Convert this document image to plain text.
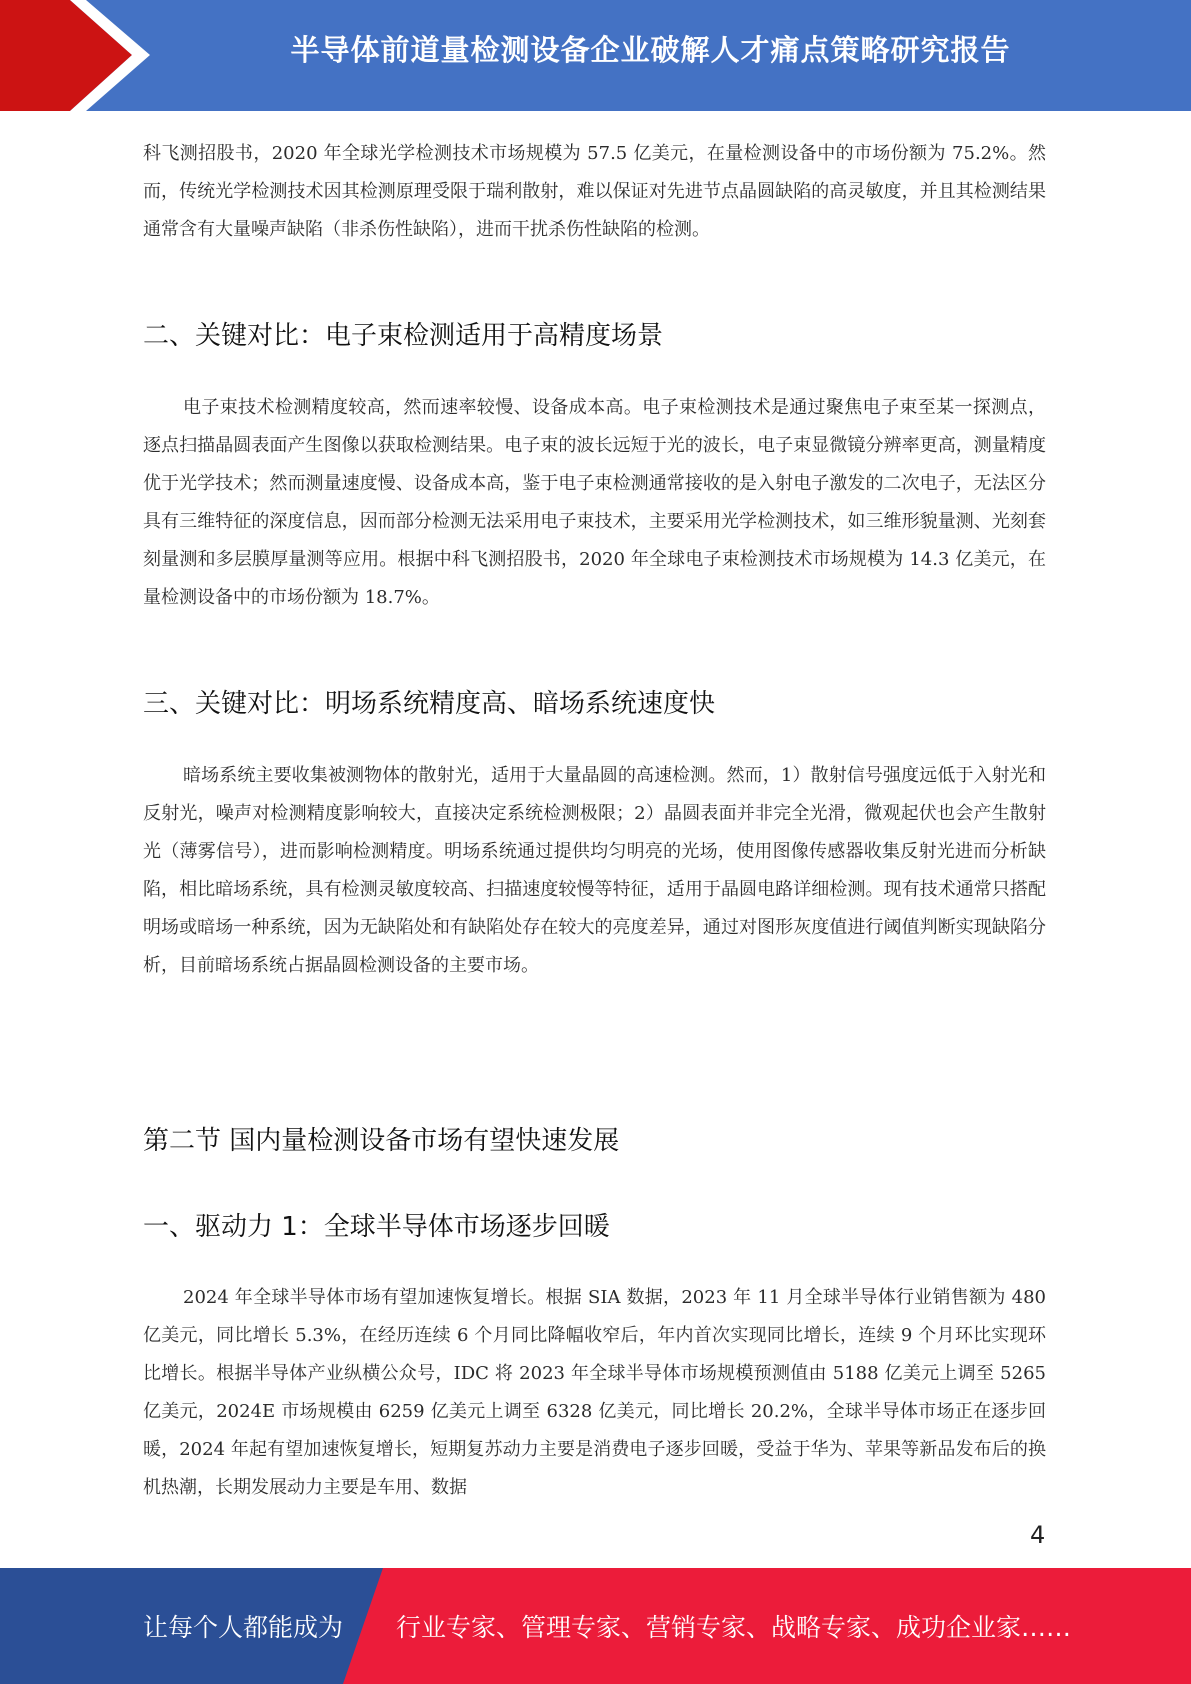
半导体前道量检测设备企业破解人才痛点策略研究报告

科飞测招股书，2020 年全球光学检测技术市场规模为 57.5 亿美元，在量检测设备中的市场份额为 75.2%。然而，传统光学检测技术因其检测原理受限于瑞利散射，难以保证对先进节点晶圆缺陷的高灵敏度，并且其检测结果通常含有大量噪声缺陷（非杀伤性缺陷），进而干扰杀伤性缺陷的检测。

二、关键对比：电子束检测适用于高精度场景

电子束技术检测精度较高，然而速率较慢、设备成本高。电子束检测技术是通过聚焦电子束至某一探测点，逐点扫描晶圆表面产生图像以获取检测结果。电子束的波长远短于光的波长，电子束显微镜分辨率更高，测量精度优于光学技术；然而测量速度慢、设备成本高，鉴于电子束检测通常接收的是入射电子激发的二次电子，无法区分具有三维特征的深度信息，因而部分检测无法采用电子束技术，主要采用光学检测技术，如三维形貌量测、光刻套刻量测和多层膜厚量测等应用。根据中科飞测招股书，2020 年全球电子束检测技术市场规模为 14.3 亿美元，在量检测设备中的市场份额为 18.7%。

三、关键对比：明场系统精度高、暗场系统速度快

暗场系统主要收集被测物体的散射光，适用于大量晶圆的高速检测。然而，1）散射信号强度远低于入射光和反射光，噪声对检测精度影响较大，直接决定系统检测极限；2）晶圆表面并非完全光滑，微观起伏也会产生散射光（薄雾信号），进而影响检测精度。明场系统通过提供均匀明亮的光场，使用图像传感器收集反射光进而分析缺陷，相比暗场系统，具有检测灵敏度较高、扫描速度较慢等特征，适用于晶圆电路详细检测。现有技术通常只搭配明场或暗场一种系统，因为无缺陷处和有缺陷处存在较大的亮度差异，通过对图形灰度值进行阈值判断实现缺陷分析，目前暗场系统占据晶圆检测设备的主要市场。

第二节 国内量检测设备市场有望快速发展
一、驱动力 1：全球半导体市场逐步回暖

2024 年全球半导体市场有望加速恢复增长。根据 SIA 数据，2023 年 11 月全球半导体行业销售额为 480 亿美元，同比增长 5.3%，在经历连续 6 个月同比降幅收窄后，年内首次实现同比增长，连续 9 个月环比实现环比增长。根据半导体产业纵横公众号，IDC 将 2023 年全球半导体市场规模预测值由 5188 亿美元上调至 5265 亿美元，2024E 市场规模由 6259 亿美元上调至 6328 亿美元，同比增长 20.2%，全球半导体市场正在逐步回暖，2024 年起有望加速恢复增长，短期复苏动力主要是消费电子逐步回暖，受益于华为、苹果等新品发布后的换机热潮，长期发展动力主要是车用、数据

4
让每个人都能成为 行业专家、管理专家、营销专家、战略专家、成功企业家……
